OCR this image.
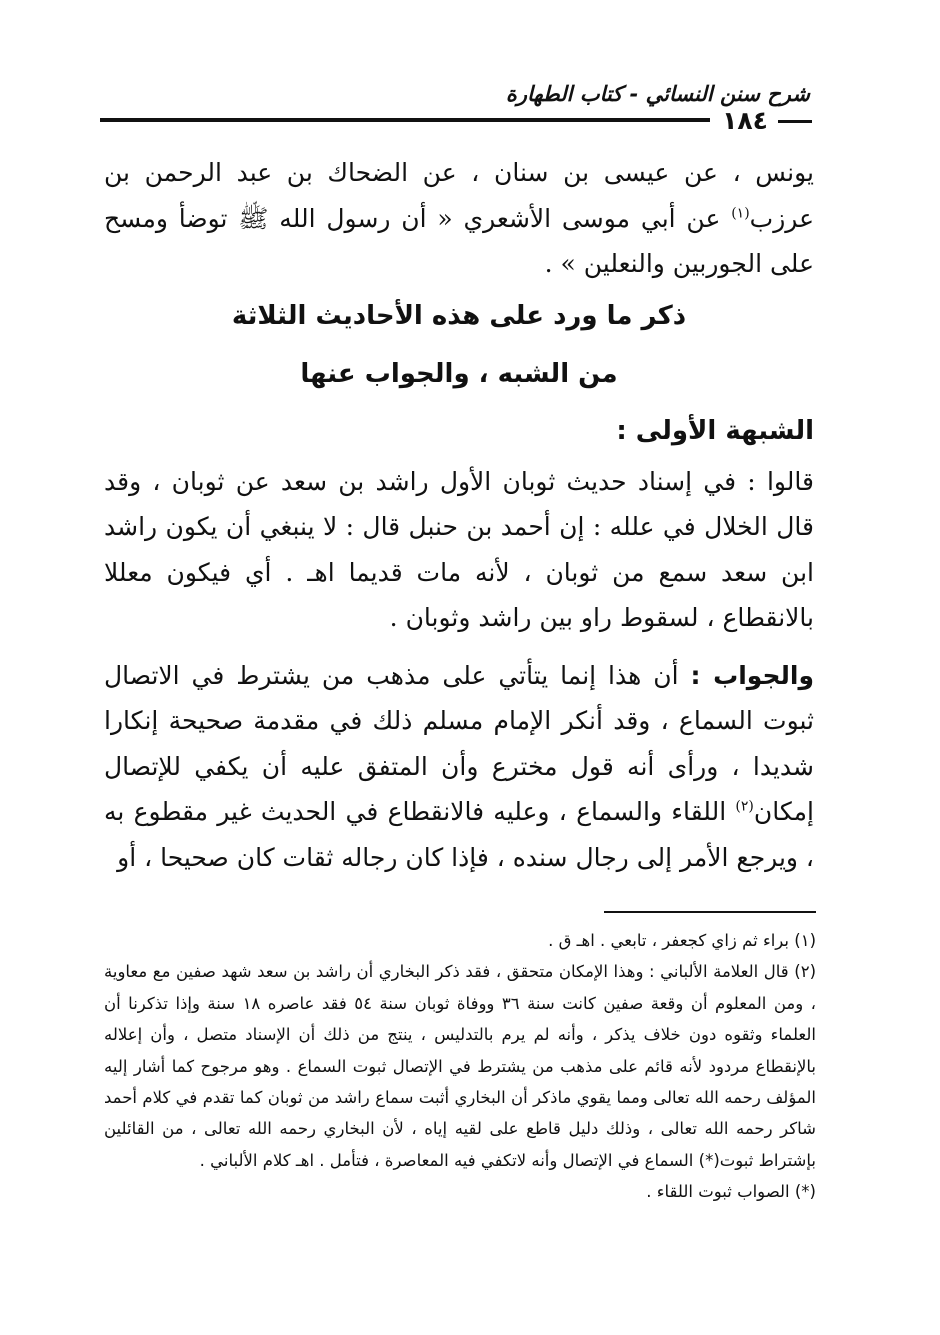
شرح سنن النسائي - كتاب الطهارة
١٨٤

يونس ، عن عيسى بن سنان ، عن الضحاك بن عبد الرحمن بن عرزب$^{(١)}$ عن أبي موسى الأشعري « أن رسول الله ﷺ توضأ ومسح على الجوربين والنعلين » .

ذكر ما ورد على هذه الأحاديث الثلاثة

من الشبه ، والجواب عنها

الشبهة الأولى :

قالوا : في إسناد حديث ثوبان الأول راشد بن سعد عن ثوبان ، وقد قال الخلال في علله : إن أحمد بن حنبل قال : لا ينبغي أن يكون راشد ابن سعد سمع من ثوبان ، لأنه مات قديما اهـ . أي فيكون معللا بالانقطاع ، لسقوط راو بين راشد وثوبان .

والجواب : أن هذا إنما يتأتي على مذهب من يشترط في الاتصال ثبوت السماع ، وقد أنكر الإمام مسلم ذلك في مقدمة صحيحة إنكارا شديدا ، ورأى أنه قول مخترع وأن المتفق عليه أن يكفي للإتصال إمكان$^{(٢)}$ اللقاء والسماع ، وعليه فالانقطاع في الحديث غير مقطوع به ، ويرجع الأمر إلى رجال سنده ، فإذا كان رجاله ثقات كان صحيحا ، أو

(١) براء ثم زاي كجعفر ، تابعي . اهـ ق .

(٢) قال العلامة الألباني : وهذا الإمكان متحقق ، فقد ذكر البخاري أن راشد بن سعد شهد صفين مع معاوية ، ومن المعلوم أن وقعة صفين كانت سنة ٣٦ ووفاة ثوبان سنة ٥٤ فقد عاصره ١٨ سنة وإذا تذكرنا أن العلماء وثقوه دون خلاف يذكر ، وأنه لم يرم بالتدليس ، ينتج من ذلك أن الإسناد متصل ، وأن إعلاله بالإنقطاع مردود لأنه قائم على مذهب من يشترط في الإتصال ثبوت السماع . وهو مرجوح كما أشار إليه المؤلف رحمه الله تعالى ومما يقوي ماذكر أن البخاري أثبت سماع راشد من ثوبان كما تقدم في كلام أحمد شاكر رحمه الله تعالى ، وذلك دليل قاطع على لقيه إياه ، لأن البخاري رحمه الله تعالى ، من القائلين بإشتراط ثبوت(*) السماع في الإتصال وأنه لاتكفي فيه المعاصرة ، فتأمل . اهـ كلام الألباني .

(*) الصواب ثبوت اللقاء .
